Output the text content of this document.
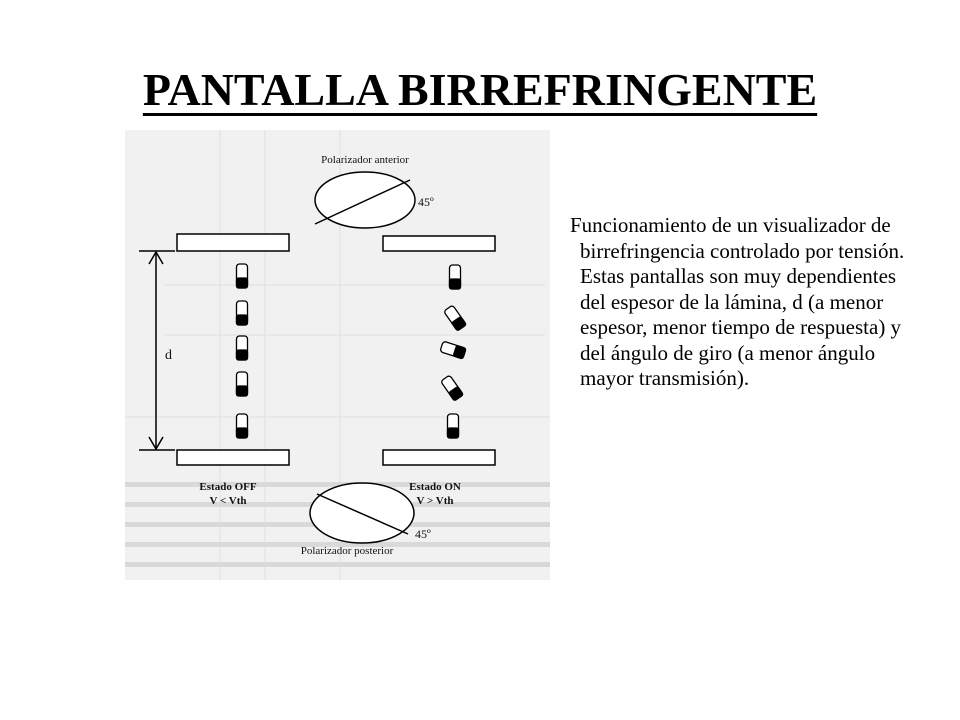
PANTALLA BIRREFRINGENTE
Polarizador anterior
45º
d
Estado OFF
V < Vth
Estado ON
V > Vth
45º
Polarizador posterior
Funcionamiento de un visualizador de birrefringencia controlado por tensión. Estas pantallas son muy dependientes del espesor de la lámina, d (a menor espesor, menor tiempo de respuesta) y del ángulo de giro (a menor ángulo mayor transmisión).
